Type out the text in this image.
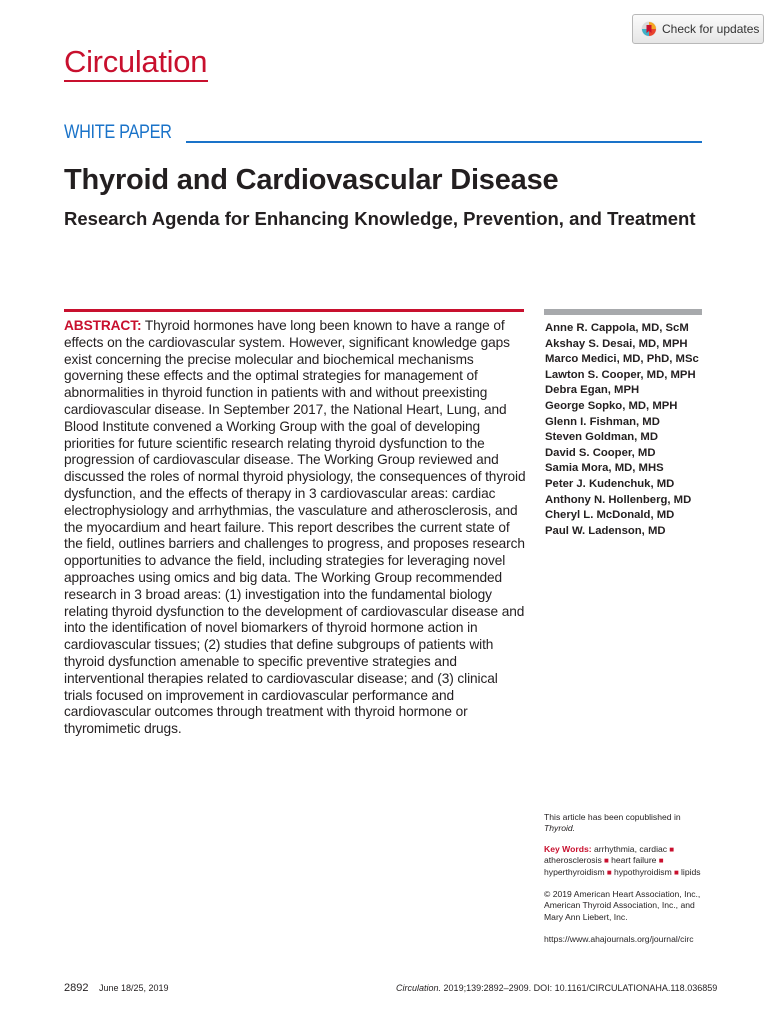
Circulation
Check for updates
WHITE PAPER
Thyroid and Cardiovascular Disease
Research Agenda for Enhancing Knowledge, Prevention, and Treatment
ABSTRACT: Thyroid hormones have long been known to have a range of effects on the cardiovascular system. However, significant knowledge gaps exist concerning the precise molecular and biochemical mechanisms governing these effects and the optimal strategies for management of abnormalities in thyroid function in patients with and without preexisting cardiovascular disease. In September 2017, the National Heart, Lung, and Blood Institute convened a Working Group with the goal of developing priorities for future scientific research relating thyroid dysfunction to the progression of cardiovascular disease. The Working Group reviewed and discussed the roles of normal thyroid physiology, the consequences of thyroid dysfunction, and the effects of therapy in 3 cardiovascular areas: cardiac electrophysiology and arrhythmias, the vasculature and atherosclerosis, and the myocardium and heart failure. This report describes the current state of the field, outlines barriers and challenges to progress, and proposes research opportunities to advance the field, including strategies for leveraging novel approaches using omics and big data. The Working Group recommended research in 3 broad areas: (1) investigation into the fundamental biology relating thyroid dysfunction to the development of cardiovascular disease and into the identification of novel biomarkers of thyroid hormone action in cardiovascular tissues; (2) studies that define subgroups of patients with thyroid dysfunction amenable to specific preventive strategies and interventional therapies related to cardiovascular disease; and (3) clinical trials focused on improvement in cardiovascular performance and cardiovascular outcomes through treatment with thyroid hormone or thyromimetic drugs.
Anne R. Cappola, MD, ScM
Akshay S. Desai, MD, MPH
Marco Medici, MD, PhD, MSc
Lawton S. Cooper, MD, MPH
Debra Egan, MPH
George Sopko, MD, MPH
Glenn I. Fishman, MD
Steven Goldman, MD
David S. Cooper, MD
Samia Mora, MD, MHS
Peter J. Kudenchuk, MD
Anthony N. Hollenberg, MD
Cheryl L. McDonald, MD
Paul W. Ladenson, MD

This article has been copublished in
Thyroid.

Key Words: arrhythmia, cardiac ■ atherosclerosis ■ heart failure ■ hyperthyroidism ■ hypothyroidism ■ lipids

© 2019 American Heart Association, Inc., American Thyroid Association, Inc., and Mary Ann Liebert, Inc.

https://www.ahajournals.org/journal/circ

2892 June 18/25, 2019	Circulation. 2019;139:2892–2909. DOI: 10.1161/CIRCULATIONAHA.118.036859
